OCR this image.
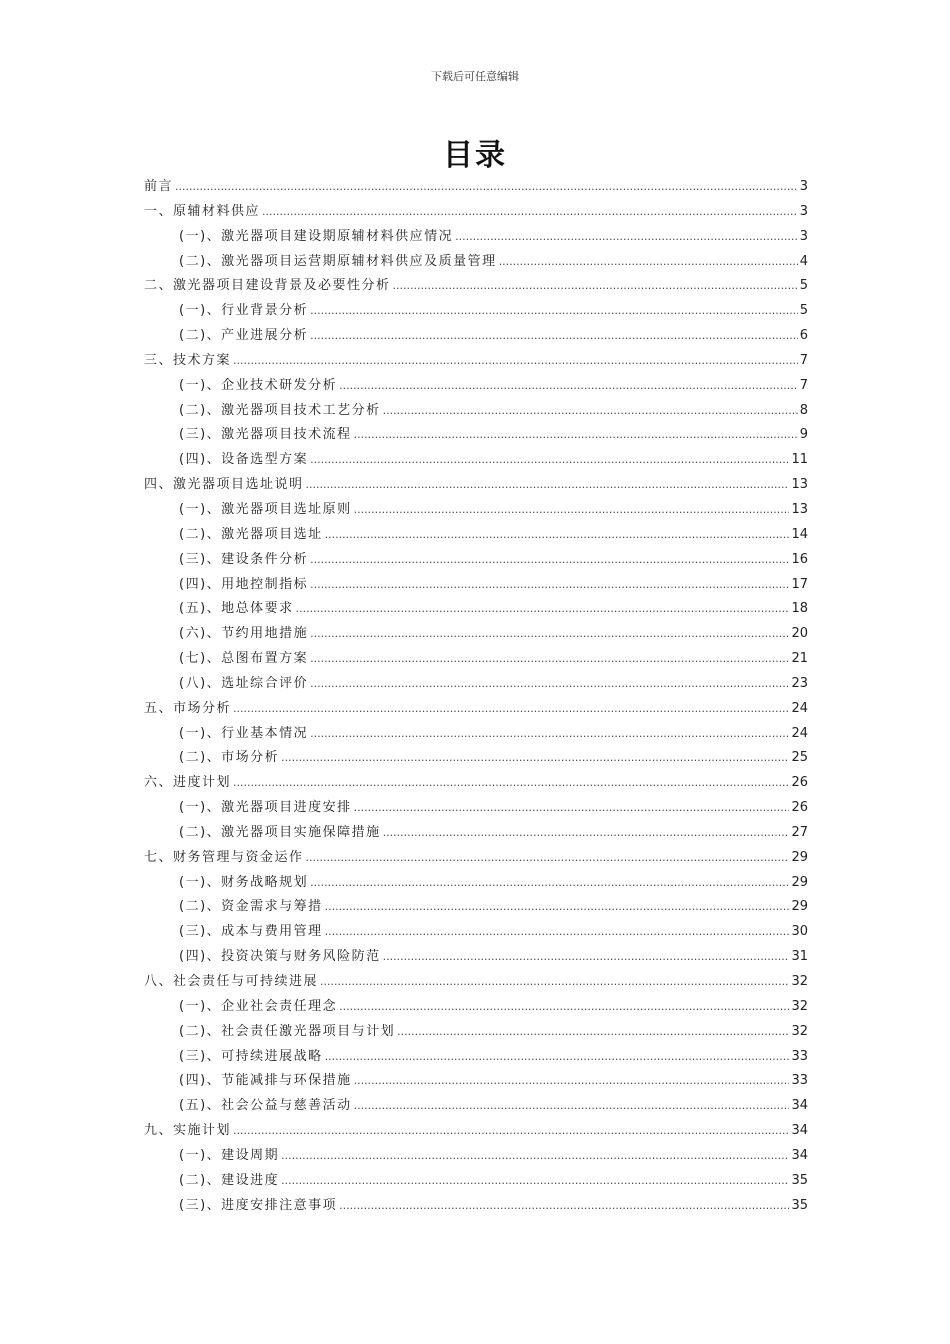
下载后可任意编辑
目录
前言 .....	3
一、原辅材料供应 .....	3
(一)、激光器项目建设期原辅材料供应情况 .....	3
(二)、激光器项目运营期原辅材料供应及质量管理 .....	4
二、激光器项目建设背景及必要性分析 .....	5
(一)、行业背景分析 .....	5
(二)、产业进展分析 .....	6
三、技术方案 .....	7
(一)、企业技术研发分析 .....	7
(二)、激光器项目技术工艺分析 .....	8
(三)、激光器项目技术流程 .....	9
(四)、设备选型方案 .....	11
四、激光器项目选址说明 .....	13
(一)、激光器项目选址原则 .....	13
(二)、激光器项目选址 .....	14
(三)、建设条件分析 .....	16
(四)、用地控制指标 .....	17
(五)、地总体要求 .....	18
(六)、节约用地措施 .....	20
(七)、总图布置方案 .....	21
(八)、选址综合评价 .....	23
五、市场分析 .....	24
(一)、行业基本情况 .....	24
(二)、市场分析 .....	25
六、进度计划 .....	26
(一)、激光器项目进度安排 .....	26
(二)、激光器项目实施保障措施 .....	27
七、财务管理与资金运作 .....	29
(一)、财务战略规划 .....	29
(二)、资金需求与筹措 .....	29
(三)、成本与费用管理 .....	30
(四)、投资决策与财务风险防范 .....	31
八、社会责任与可持续进展 .....	32
(一)、企业社会责任理念 .....	32
(二)、社会责任激光器项目与计划 .....	32
(三)、可持续进展战略 .....	33
(四)、节能减排与环保措施 .....	33
(五)、社会公益与慈善活动 .....	34
九、实施计划 .....	34
(一)、建设周期 .....	34
(二)、建设进度 .....	35
(三)、进度安排注意事项 .....	35
